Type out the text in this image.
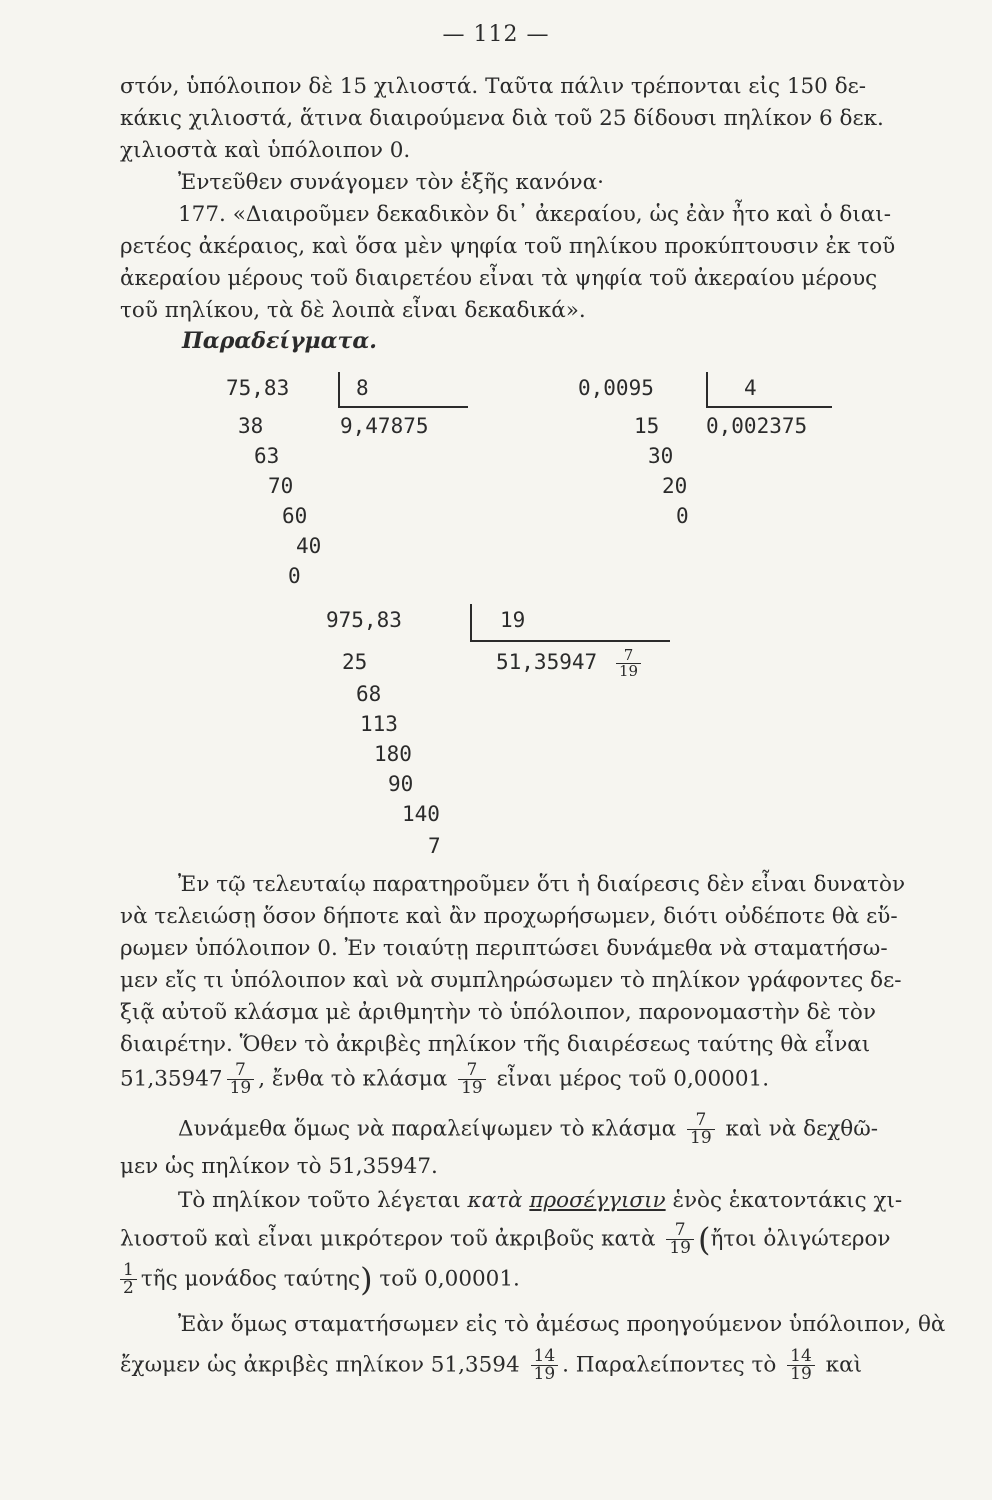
— 112 —
στόν, ὑπόλοιπον δὲ 15 χιλιοστά. Ταῦτα πάλιν τρέπονται εἰς 150 δε-
κάκις χιλιοστά, ἅτινα διαιρούμενα διὰ τοῦ 25 δίδουσι πηλίκον 6 δεκ.
χιλιοστὰ καὶ ὑπόλοιπον 0.
Ἐντεῦθεν συνάγομεν τὸν ἑξῆς κανόνα·
177. «Διαιροῦμεν δεκαδικὸν δι᾽ ἀκεραίου, ὡς ἐὰν ἦτο καὶ ὁ διαι-
ρετέος ἀκέραιος, καὶ ὅσα μὲν ψηφία τοῦ πηλίκου προκύπτουσιν ἐκ τοῦ
ἀκεραίου μέρους τοῦ διαιρετέου εἶναι τὰ ψηφία τοῦ ἀκεραίου μέρους
τοῦ πηλίκου, τὰ δὲ λοιπὰ εἶναι δεκαδικά».
Παραδείγματα.
75,83	8
9,47875
38
63
70
60
40
0
0,0095	4
0,002375
15
30
20
0
975,83	19
$51,35947 \frac{7}{19}$
25
68
113
180
90
140
7
Ἐν τῷ τελευταίῳ παρατηροῦμεν ὅτι ἡ διαίρεσις δὲν εἶναι δυνατὸν
νὰ τελειώσῃ ὅσον δήποτε καὶ ἂν προχωρήσωμεν, διότι οὐδέποτε θὰ εὕ-
ρωμεν ὑπόλοιπον 0. Ἐν τοιαύτῃ περιπτώσει δυνάμεθα νὰ σταματήσω-
μεν εἴς τι ὑπόλοιπον καὶ νὰ συμπληρώσωμεν τὸ πηλίκον γράφοντες δε-
ξιᾷ αὐτοῦ κλάσμα μὲ ἀριθμητὴν τὸ ὑπόλοιπον, παρονομαστὴν δὲ τὸν
διαιρέτην. Ὅθεν τὸ ἀκριβὲς πηλίκον τῆς διαιρέσεως ταύτης θὰ εἶναι
$51,35947 \frac{7}{19}$ , ἔνθα τὸ κλάσμα $\frac{7}{19}$ εἶναι μέρος τοῦ 0,00001.
Δυνάμεθα ὅμως νὰ παραλείψωμεν τὸ κλάσμα $\frac{7}{19}$ καὶ νὰ δεχθῶ-
μεν ὡς πηλίκον τὸ 51,35947.
Τὸ πηλίκον τοῦτο λέγεται κατὰ προσέγγισιν ἑνὸς ἑκατοντάκις χι-
λιοστοῦ καὶ εἶναι μικρότερον τοῦ ἀκριβοῦς κατὰ $\frac{7}{19}$ (ἤτοι ὀλιγώτερον
$\frac{1}{2}$ τῆς μονάδος ταύτης) τοῦ 0,00001.
Ἐὰν ὅμως σταματήσωμεν εἰς τὸ ἀμέσως προηγούμενον ὑπόλοιπον, θὰ
ἔχωμεν ὡς ἀκριβὲς πηλίκον $51,3594 \frac{14}{19}$ . Παραλείποντες τὸ $\frac{14}{19}$ καὶ
